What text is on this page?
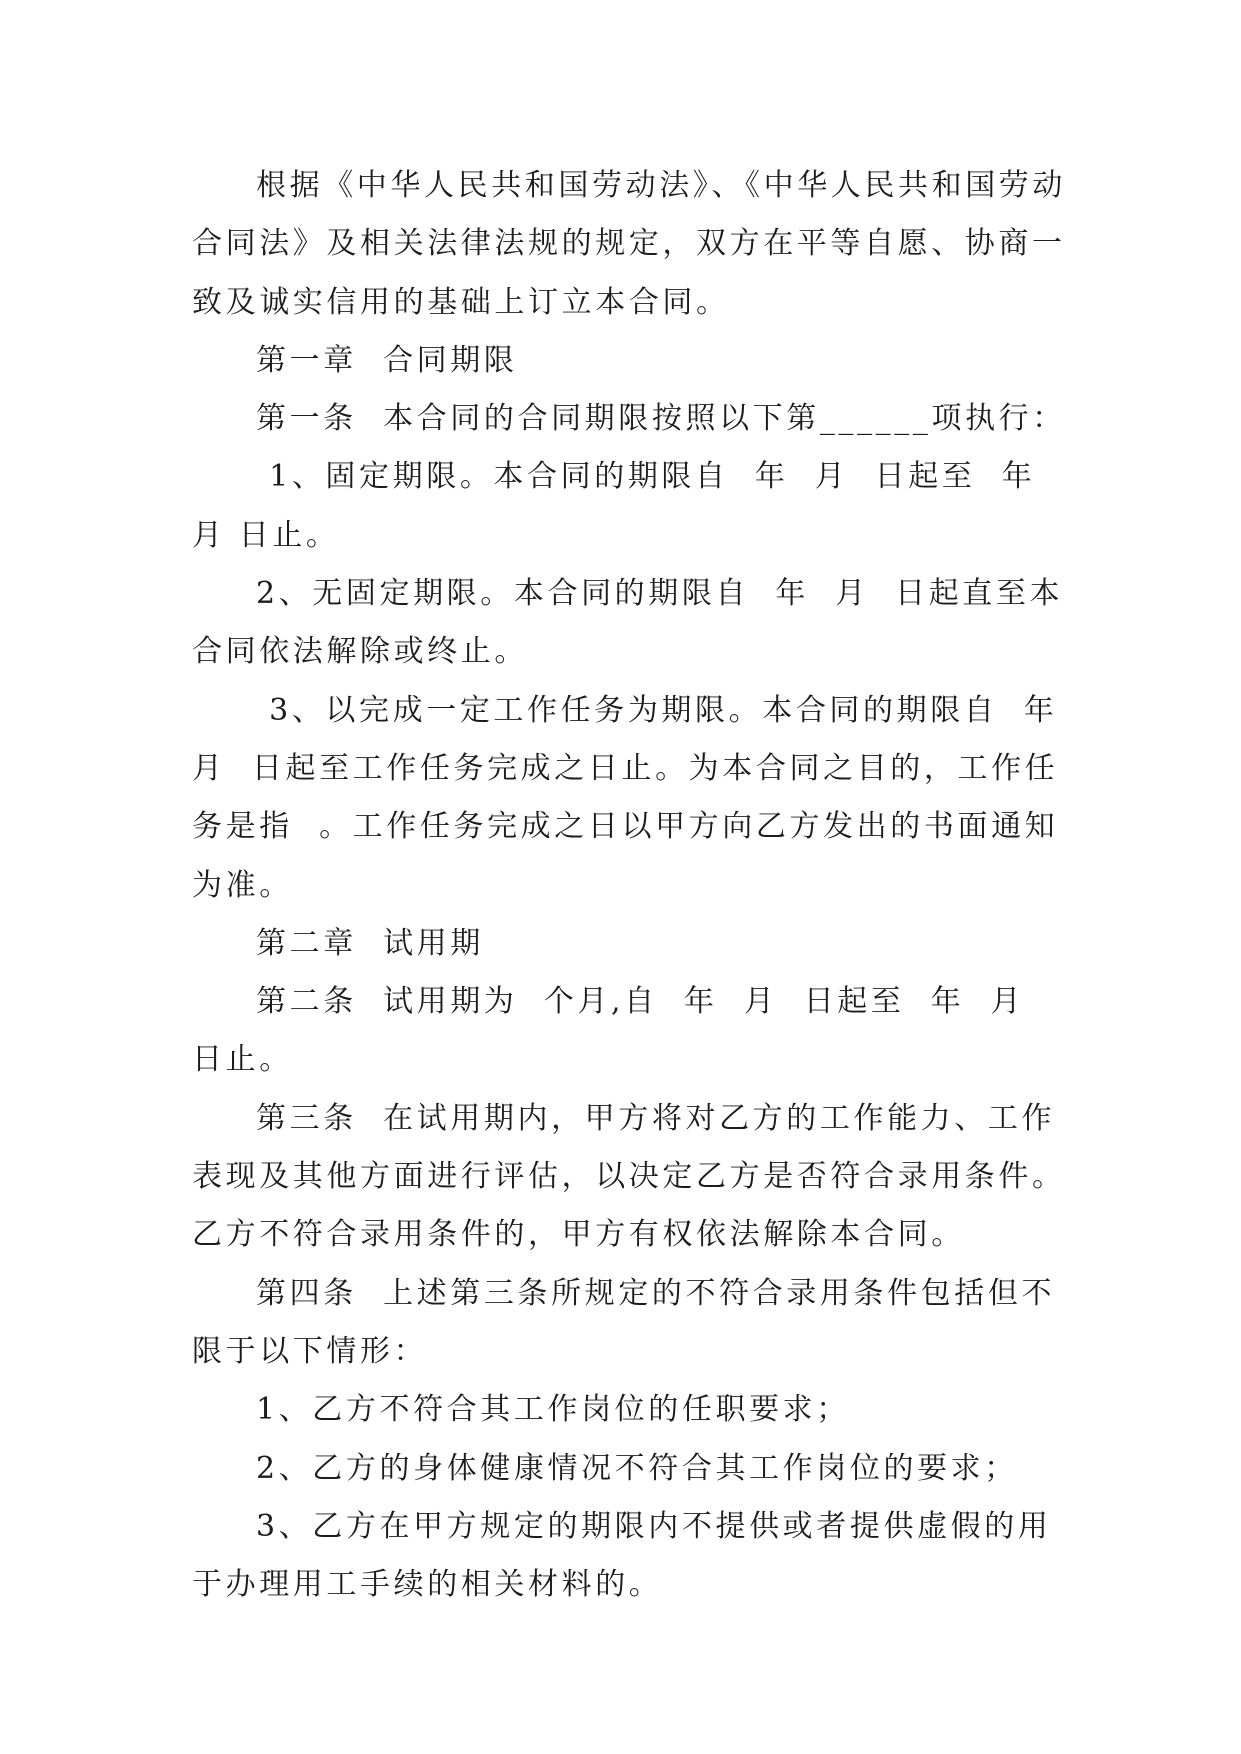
根据《中华人民共和国劳动法》、《中华人民共和国劳动合同法》及相关法律法规的规定，双方在平等自愿、协商一致及诚实信用的基础上订立本合同。

第一章  合同期限

第一条  本合同的合同期限按照以下第______项执行：

1、固定期限。本合同的期限自  年  月  日起至  年  月 日止。

2、无固定期限。本合同的期限自  年  月  日起直至本合同依法解除或终止。

3、以完成一定工作任务为期限。本合同的期限自  年 月  日起至工作任务完成之日止。为本合同之目的，工作任务是指  。工作任务完成之日以甲方向乙方发出的书面通知为准。

第二章  试用期

第二条  试用期为  个月,自  年  月  日起至  年  月  日止。

第三条  在试用期内，甲方将对乙方的工作能力、工作表现及其他方面进行评估，以决定乙方是否符合录用条件。乙方不符合录用条件的，甲方有权依法解除本合同。

第四条  上述第三条所规定的不符合录用条件包括但不限于以下情形：

1、乙方不符合其工作岗位的任职要求；

2、乙方的身体健康情况不符合其工作岗位的要求；

3、乙方在甲方规定的期限内不提供或者提供虚假的用于办理用工手续的相关材料的。
